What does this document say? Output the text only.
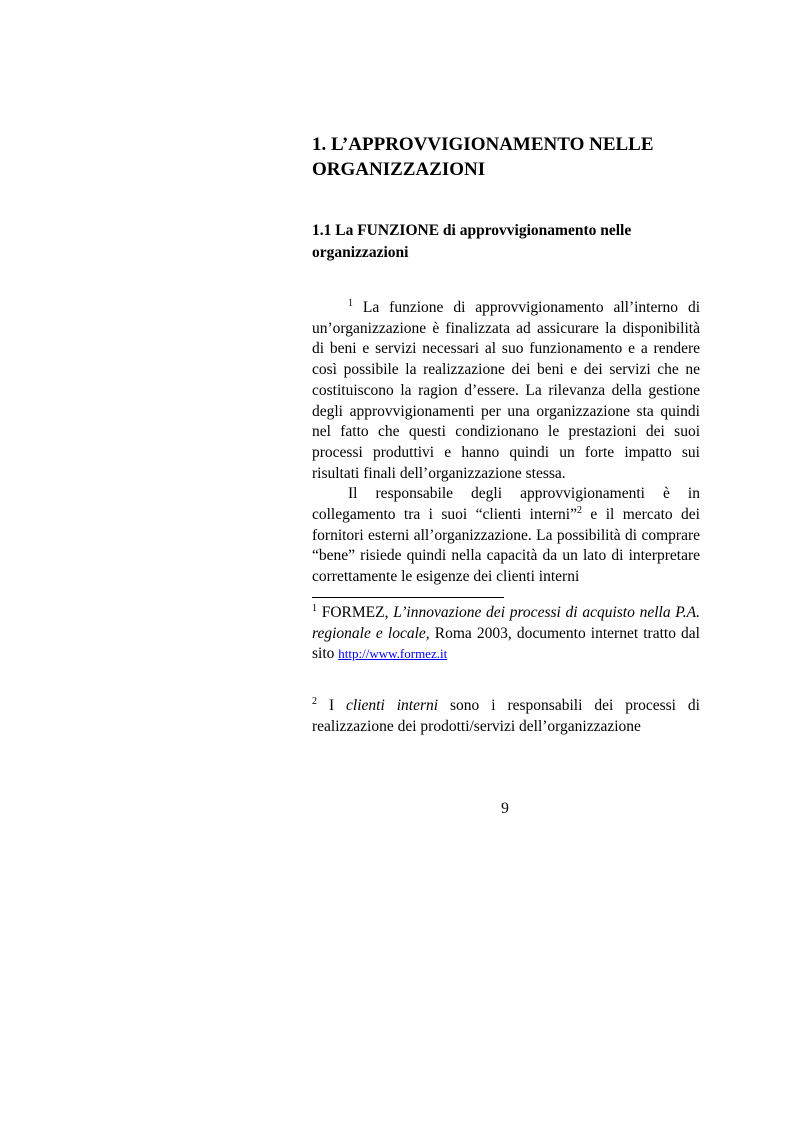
1. L’APPROVVIGIONAMENTO NELLE ORGANIZZAZIONI
1.1 La FUNZIONE di approvvigionamento nelle organizzazioni

$^1$ La funzione di approvvigionamento all’interno di un’organizzazione è finalizzata ad assicurare la disponibilità di beni e servizi necessari al suo funzionamento e a rendere così possibile la realizzazione dei beni e dei servizi che ne costituiscono la ragion d’essere. La rilevanza della gestione degli approvvigionamenti per una organizzazione sta quindi nel fatto che questi condizionano le prestazioni dei suoi processi produttivi e hanno quindi un forte impatto sui risultati finali dell’organizzazione stessa.

Il responsabile degli approvvigionamenti è in collegamento tra i suoi “clienti interni”$^2$ e il mercato dei fornitori esterni all’organizzazione. La possibilità di comprare “bene” risiede quindi nella capacità da un lato di interpretare correttamente le esigenze dei clienti interni

$^1$ FORMEZ, L’innovazione dei processi di acquisto nella P.A. regionale e locale, Roma 2003, documento internet tratto dal sito http://www.formez.it

$^2$ I clienti interni sono i responsabili dei processi di realizzazione dei prodotti/servizi dell’organizzazione

9
